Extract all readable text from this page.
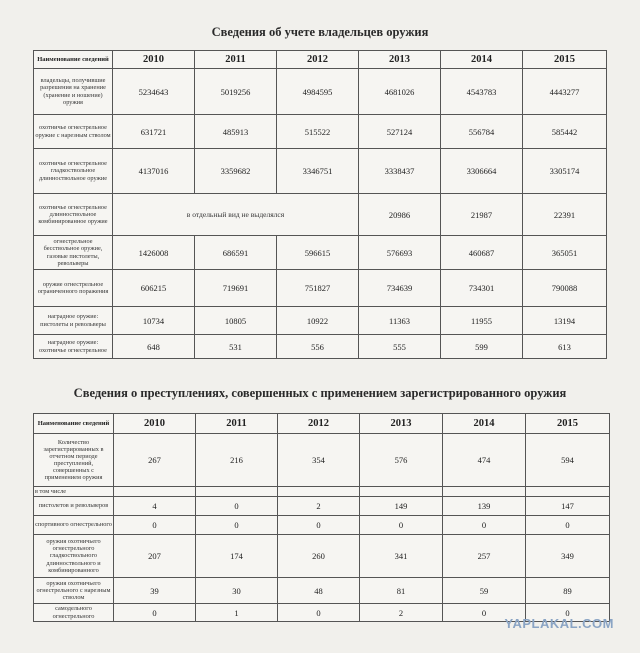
Сведения об учете владельцев оружия
Наименование сведений	2010	2011	2012	2013	2014	2015
владельцы, получившие разрешения на хранение (хранение и ношение) оружия	5234643	5019256	4984595	4681026	4543783	4443277
охотничье огнестрельное оружие с нарезным стволом	631721	485913	515522	527124	556784	585442
охотничье огнестрельное гладкоствольное длинноствольное оружие	4137016	3359682	3346751	3338437	3306664	3305174
охотничье огнестрельное длинноствольное комбинированное оружие	в отдельный вид не выделялся			20986	21987	22391
огнестрельное бесствольное оружие, газовые пистолеты, револьверы	1426008	686591	596615	576693	460687	365051
оружие огнестрельное ограниченного поражения	606215	719691	751827	734639	734301	790088
наградное оружие: пистолеты и револьверы	10734	10805	10922	11363	11955	13194
наградное оружие: охотничье огнестрельное	648	531	556	555	599	613
Сведения о преступлениях, совершенных с применением зарегистрированного оружия
Наименование сведений	2010	2011	2012	2013	2014	2015
Количество зарегистрированных в отчетном периоде преступлений, совершенных с применением оружия	267	216	354	576	474	594
в том числе						
пистолетов и револьверов	4	0	2	149	139	147
спортивного огнестрельного	0	0	0	0	0	0
оружия охотничьего огнестрельного гладкоствольного длинноствольного и комбинированного	207	174	260	341	257	349
оружия охотничьего огнестрельного с нарезным стволом	39	30	48	81	59	89
самодельного огнестрельного	0	1	0	2	0	0
YAPLAKAL.COM
